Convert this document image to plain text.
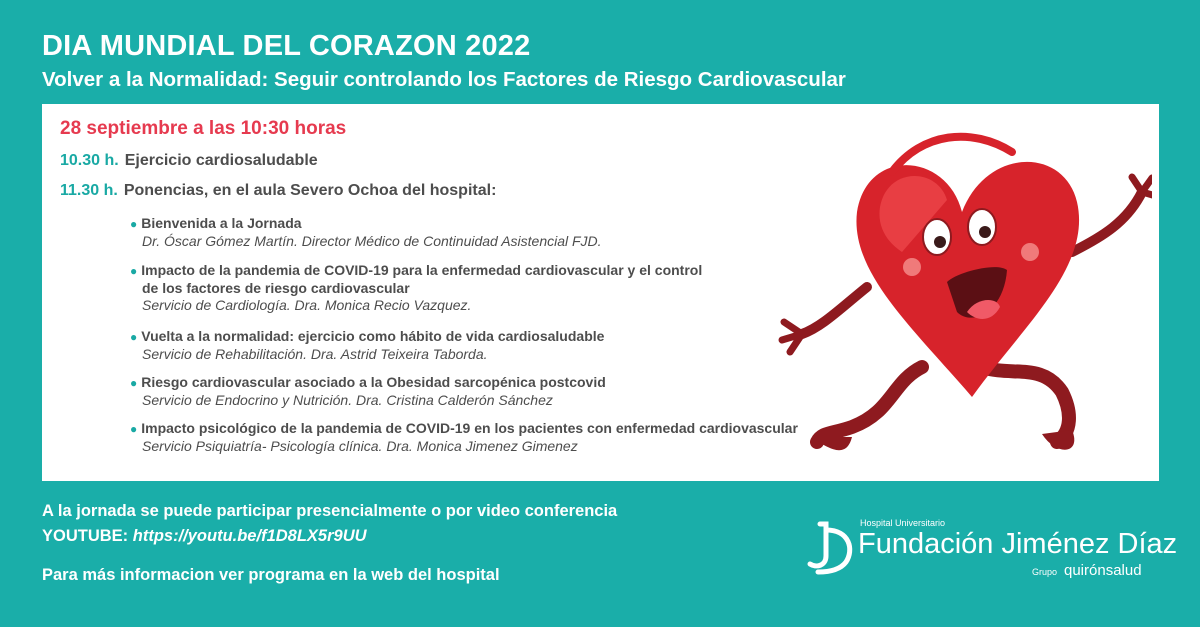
DIA MUNDIAL DEL CORAZON 2022
Volver a la Normalidad: Seguir controlando los Factores de Riesgo Cardiovascular
28 septiembre a las 10:30 horas
10.30 h. Ejercicio cardiosaludable
11.30 h. Ponencias, en el aula Severo Ochoa del hospital:
● Bienvenida a la Jornada
Dr. Óscar Gómez Martín. Director Médico de Continuidad Asistencial FJD.
● Impacto de la pandemia de COVID-19 para la enfermedad cardiovascular y el control
de los factores de riesgo cardiovascular
Servicio de Cardiología. Dra. Monica Recio Vazquez.
● Vuelta a la normalidad: ejercicio como hábito de vida cardiosaludable
Servicio de Rehabilitación. Dra. Astrid Teixeira Taborda.
● Riesgo cardiovascular asociado a la Obesidad sarcopénica postcovid
Servicio de Endocrino y Nutrición. Dra. Cristina Calderón Sánchez
● Impacto psicológico de la pandemia de COVID-19 en los pacientes con enfermedad cardiovascular
Servicio Psiquiatría- Psicología clínica. Dra. Monica Jimenez Gimenez
A la jornada se puede participar presencialmente o por video conferencia
YOUTUBE: https://youtu.be/f1D8LX5r9UU
Para más informacion ver programa en la web del hospital
Hospital Universitario
Fundación Jiménez Díaz
Grupo quirónsalud
